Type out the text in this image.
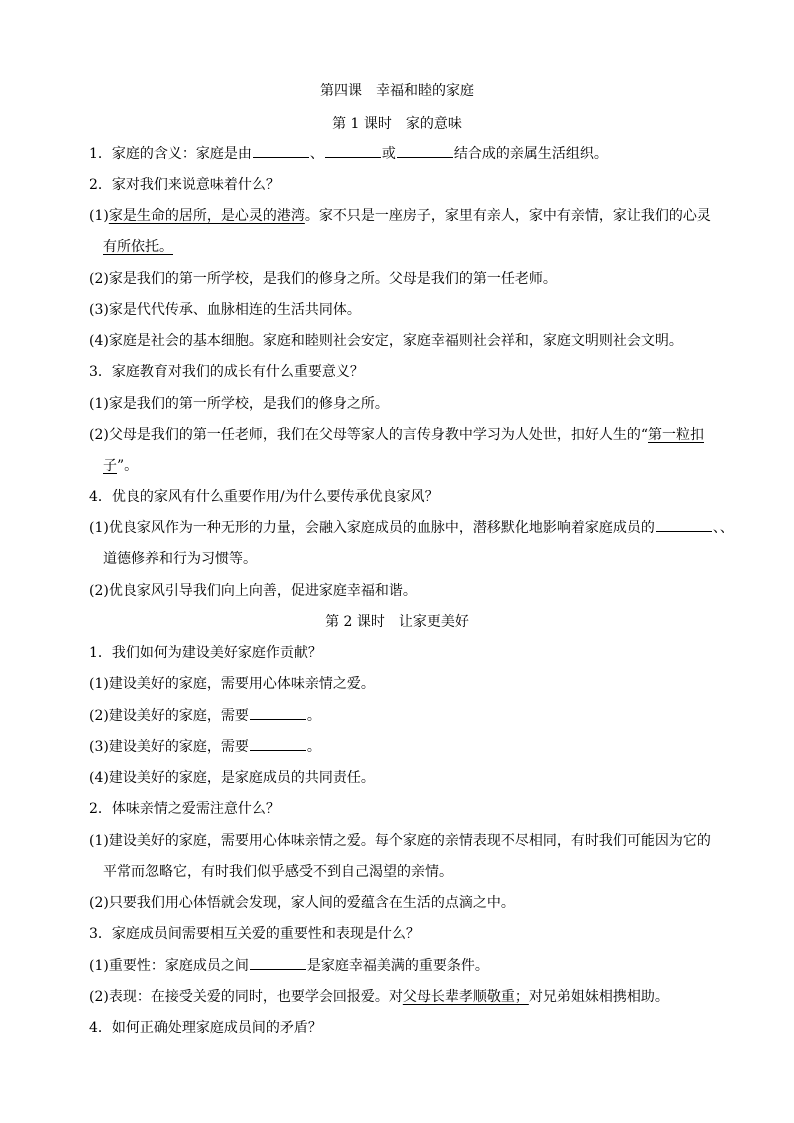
第四课　幸福和睦的家庭
第 1 课时　家的意味
1．家庭的含义：家庭是由	、	或	结合成的亲属生活组织。
2．家对我们来说意味着什么？
(1)家是生命的居所，是心灵的港湾。家不只是一座房子，家里有亲人，家中有亲情，家让我们的心灵
有所依托。
(2)家是我们的第一所学校，是我们的修身之所。父母是我们的第一任老师。
(3)家是代代传承、血脉相连的生活共同体。
(4)家庭是社会的基本细胞。家庭和睦则社会安定，家庭幸福则社会祥和，家庭文明则社会文明。
3．家庭教育对我们的成长有什么重要意义？
(1)家是我们的第一所学校，是我们的修身之所。
(2)父母是我们的第一任老师，我们在父母等家人的言传身教中学习为人处世，扣好人生的“第一粒扣
子”。
4．优良的家风有什么重要作用/为什么要传承优良家风？
(1)优良家风作为一种无形的力量，会融入家庭成员的血脉中，潜移默化地影响着家庭成员的	、、
道德修养和行为习惯等。
(2)优良家风引导我们向上向善，促进家庭幸福和谐。
第 2 课时　让家更美好
1．我们如何为建设美好家庭作贡献？
(1)建设美好的家庭，需要用心体味亲情之爱。
(2)建设美好的家庭，需要	。
(3)建设美好的家庭，需要	。
(4)建设美好的家庭，是家庭成员的共同责任。
2．体味亲情之爱需注意什么？
(1)建设美好的家庭，需要用心体味亲情之爱。每个家庭的亲情表现不尽相同，有时我们可能因为它的
平常而忽略它，有时我们似乎感受不到自己渴望的亲情。
(2)只要我们用心体悟就会发现，家人间的爱蕴含在生活的点滴之中。
3．家庭成员间需要相互关爱的重要性和表现是什么？
(1)重要性：家庭成员之间	是家庭幸福美满的重要条件。
(2)表现：在接受关爱的同时，也要学会回报爱。对父母长辈孝顺敬重；对兄弟姐妹相携相助。
4．如何正确处理家庭成员间的矛盾？
